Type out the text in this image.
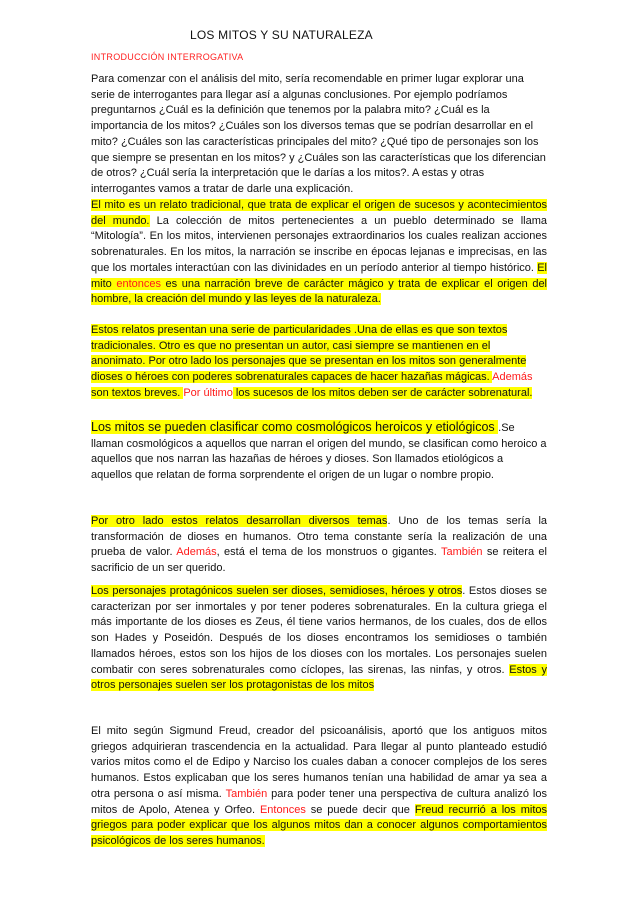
LOS MITOS Y SU NATURALEZA
INTRODUCCIÓN INTERROGATIVA

Para comenzar con el análisis del mito, sería recomendable en primer lugar explorar una serie de interrogantes para llegar así a algunas conclusiones. Por ejemplo podríamos preguntarnos ¿Cuál es la definición que tenemos por la palabra mito? ¿Cuál es la importancia de los mitos? ¿Cuáles son los diversos temas que se podrían desarrollar en el mito? ¿Cuáles son las características principales del mito? ¿Qué tipo de personajes son los que siempre se presentan en los mitos? y ¿Cuáles son las características que los diferencian de otros? ¿Cuál sería la interpretación que le darías a los mitos?. A estas y otras interrogantes vamos a tratar de darle una explicación.

El mito es un relato tradicional, que trata de explicar el origen de sucesos y acontecimientos del mundo. La colección de mitos pertenecientes a un pueblo determinado se llama “Mitología”. En los mitos, intervienen personajes extraordinarios los cuales realizan acciones sobrenaturales. En los mitos, la narración se inscribe en épocas lejanas e imprecisas, en las que los mortales interactúan con las divinidades en un período anterior al tiempo histórico. El mito entonces es una narración breve de carácter mágico y trata de explicar el origen del hombre, la creación del mundo y las leyes de la naturaleza.

Estos relatos presentan una serie de particularidades .Una de ellas es que son textos tradicionales. Otro es que no presentan un autor, casi siempre se mantienen en el anonimato. Por otro lado los personajes que se presentan en los mitos son generalmente dioses o héroes con poderes sobrenaturales capaces de hacer hazañas mágicas. Además son textos breves. Por último los sucesos de los mitos deben ser de carácter sobrenatural.

Los mitos se pueden clasificar como cosmológicos heroicos y etiológicos .Se llaman cosmológicos a aquellos que narran el origen del mundo, se clasifican como heroico a aquellos que nos narran las hazañas de héroes y dioses. Son llamados etiológicos a aquellos que relatan de forma sorprendente el origen de un lugar o nombre propio.

Por otro lado estos relatos desarrollan diversos temas. Uno de los temas sería la transformación de dioses en humanos. Otro tema constante sería la realización de una prueba de valor. Además, está el tema de los monstruos o gigantes. También se reitera el sacrificio de un ser querido.

Los personajes protagónicos suelen ser dioses, semidioses, héroes y otros. Estos dioses se caracterizan por ser inmortales y por tener poderes sobrenaturales. En la cultura griega el más importante de los dioses es Zeus, él tiene varios hermanos, de los cuales, dos de ellos son Hades y Poseidón. Después de los dioses encontramos los semidioses o también llamados héroes, estos son los hijos de los dioses con los mortales. Los personajes suelen combatir con seres sobrenaturales como cíclopes, las sirenas, las ninfas, y otros. Estos y otros personajes suelen ser los protagonistas de los mitos

El mito según Sigmund Freud, creador del psicoanálisis, aportó que los antiguos mitos griegos adquirieran trascendencia en la actualidad. Para llegar al punto planteado estudió varios mitos como el de Edipo y Narciso los cuales daban a conocer complejos de los seres humanos. Estos explicaban que los seres humanos tenían una habilidad de amar ya sea a otra persona o así misma. También para poder tener una perspectiva de cultura analizó los mitos de Apolo, Atenea y Orfeo. Entonces se puede decir que Freud recurrió a los mitos griegos para poder explicar que los algunos mitos dan a conocer algunos comportamientos psicológicos de los seres humanos.
